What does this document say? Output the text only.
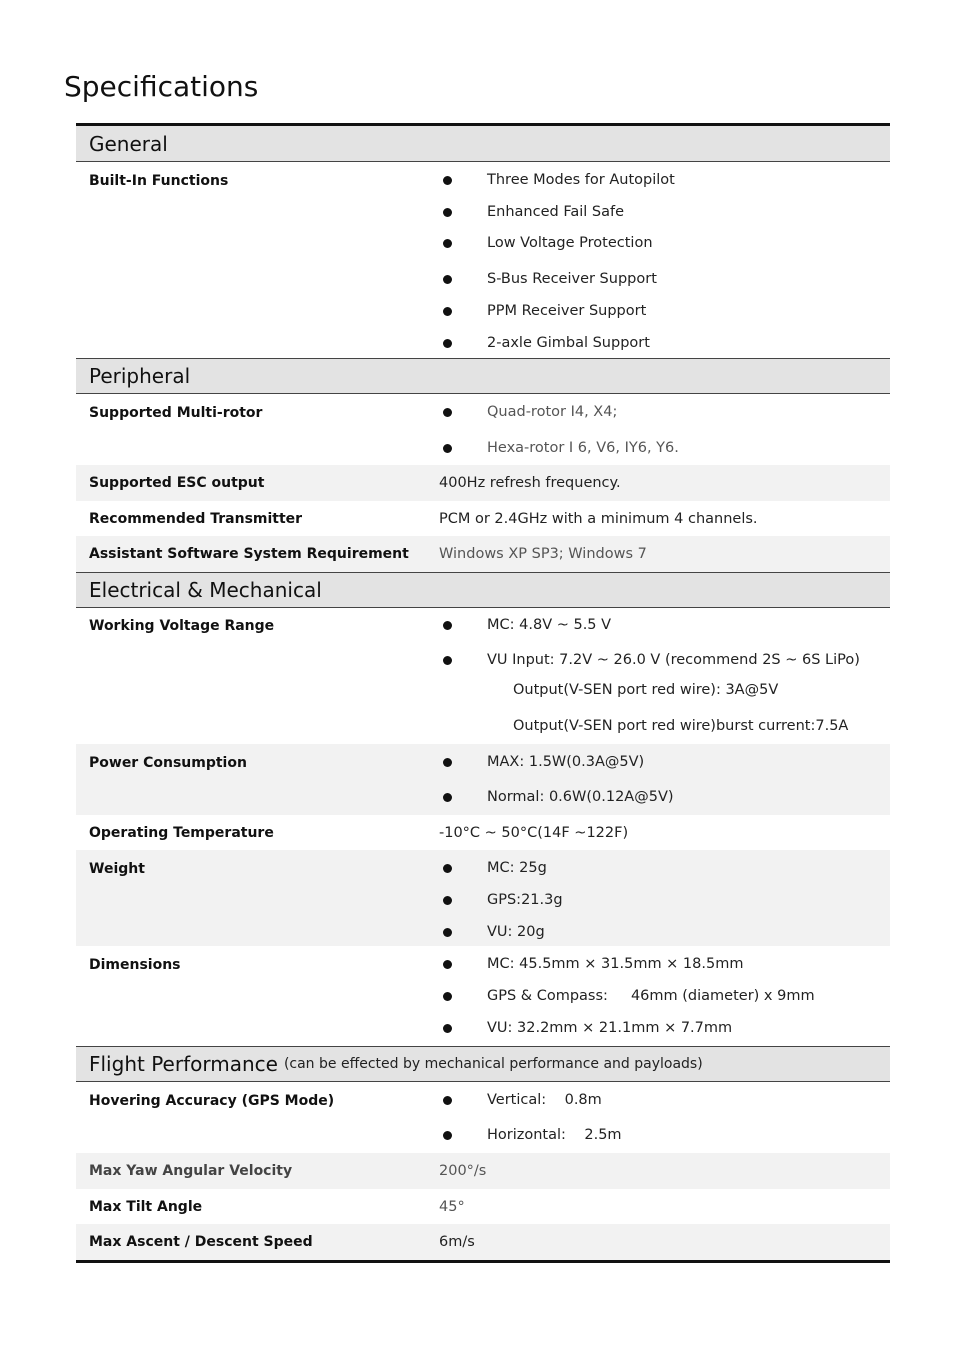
Specifications
General
Built-In Functions	Three Modes for Autopilot
Enhanced Fail Safe
Low Voltage Protection
S-Bus Receiver Support
PPM Receiver Support
2-axle Gimbal Support
Peripheral
Supported Multi-rotor	Quad-rotor I4, X4;
Hexa-rotor I 6, V6, IY6, Y6.
Supported ESC output	400Hz refresh frequency.
Recommended Transmitter	PCM or 2.4GHz with a minimum 4 channels.
Assistant Software System Requirement	Windows XP SP3; Windows 7
Electrical & Mechanical
Working Voltage Range	MC: 4.8V ~ 5.5 V
VU Input: 7.2V ~ 26.0 V (recommend 2S ~ 6S LiPo)
Output(V-SEN port red wire): 3A@5V
Output(V-SEN port red wire)burst current:7.5A
Power Consumption	MAX: 1.5W(0.3A@5V)
Normal: 0.6W(0.12A@5V)
Operating Temperature	-10°C ~ 50°C(14F ~122F)
Weight	MC: 25g
GPS:21.3g
VU: 20g
Dimensions	MC: 45.5mm × 31.5mm × 18.5mm
GPS & Compass:     46mm (diameter) x 9mm
VU: 32.2mm × 21.1mm × 7.7mm
Flight Performance (can be effected by mechanical performance and payloads)
Hovering Accuracy (GPS Mode)	Vertical:    0.8m
Horizontal:    2.5m
Max Yaw Angular Velocity	200°/s
Max Tilt Angle	45°
Max Ascent / Descent Speed	6m/s
